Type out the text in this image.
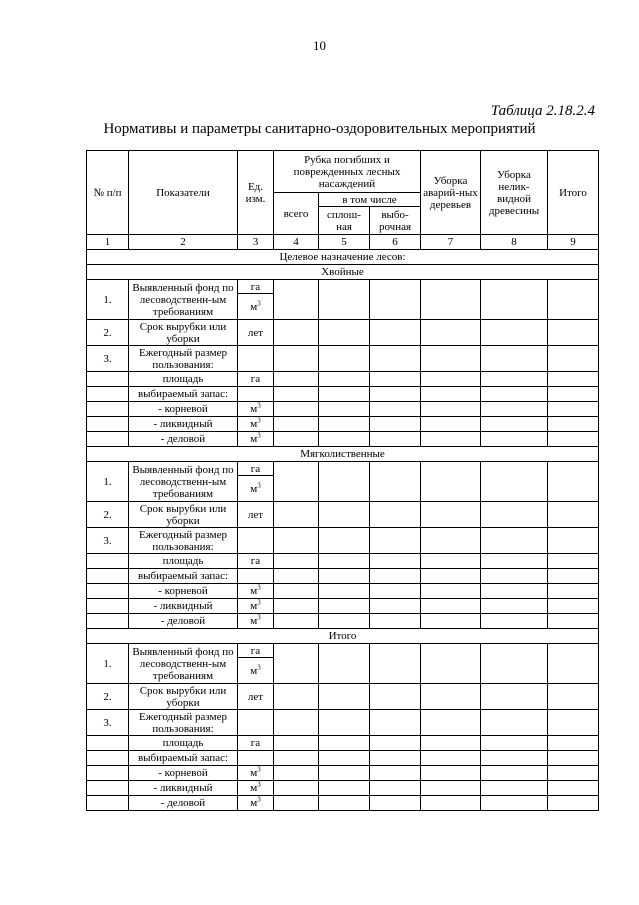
10
Таблица 2.18.2.4
Нормативы и параметры санитарно-оздоровительных мероприятий
№ п/п	Показатели	Ед. изм.	Рубка погибших и поврежденных лесных насаждений			Уборка аварий-ных деревьев	Уборка нелик-видной древесины	Итого
			всего	в том числе				
				сплош-ная	выбо-рочная			
1	2	3	4	5	6	7	8	9
Целевое назначение лесов:								
Хвойные								
1.	Выявленный фонд по лесоводственн-ым требованиям	га						
		$м^3$
2.	Срок вырубки или уборки	лет						
3.	Ежегодный размер пользования:							
	площадь	га						
	выбираемый запас:							
	- корневой	$м^3$						
	- ликвидный	$м^3$						
	- деловой	$м^3$						
Мягколиственные								
1.	Выявленный фонд по лесоводственн-ым требованиям	га						
		$м^3$
2.	Срок вырубки или уборки	лет						
3.	Ежегодный размер пользования:							
	площадь	га						
	выбираемый запас:							
	- корневой	$м^3$						
	- ликвидный	$м^3$						
	- деловой	$м^3$						
Итого								
1.	Выявленный фонд по лесоводственн-ым требованиям	га						
		$м^3$
2.	Срок вырубки или уборки	лет						
3.	Ежегодный размер пользования:							
	площадь	га						
	выбираемый запас:							
	- корневой	$м^3$						
	- ликвидный	$м^3$						
	- деловой	$м^3$						
